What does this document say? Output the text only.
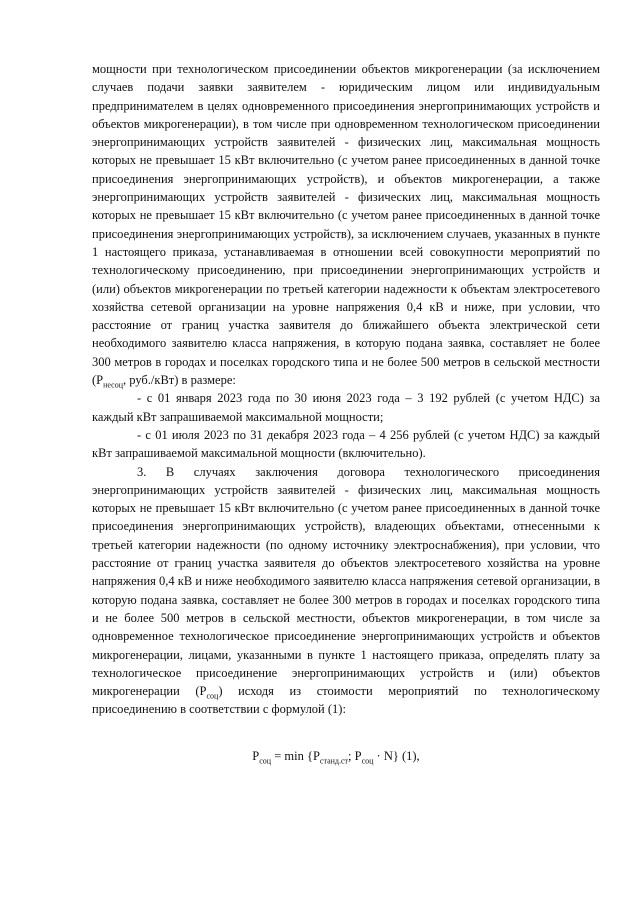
мощности при технологическом присоединении объектов микрогенерации (за исключением случаев подачи заявки заявителем - юридическим лицом или индивидуальным предпринимателем в целях одновременного присоединения энергопринимающих устройств и объектов микрогенерации), в том числе при одновременном технологическом присоединении энергопринимающих устройств заявителей - физических лиц, максимальная мощность которых не превышает 15 кВт включительно (с учетом ранее присоединенных в данной точке присоединения энергопринимающих устройств), и объектов микрогенерации, а также энергопринимающих устройств заявителей - физических лиц, максимальная мощность которых не превышает 15 кВт включительно (с учетом ранее присоединенных в данной точке присоединения энергопринимающих устройств), за исключением случаев, указанных в пункте 1 настоящего приказа, устанавливаемая в отношении всей совокупности мероприятий по технологическому присоединению, при присоединении энергопринимающих устройств и (или) объектов микрогенерации по третьей категории надежности к объектам электросетевого хозяйства сетевой организации на уровне напряжения 0,4 кВ и ниже, при условии, что расстояние от границ участка заявителя до ближайшего объекта электрической сети необходимого заявителю класса напряжения, в которую подана заявка, составляет не более 300 метров в городах и поселках городского типа и не более 500 метров в сельской местности ($P_{несоц}$, руб./кВт) в размере:

- с 01 января 2023 года по 30 июня 2023 года – 3 192 рублей (с учетом НДС) за каждый кВт запрашиваемой максимальной мощности;

- с 01 июля 2023 по 31 декабря 2023 года – 4 256 рублей (с учетом НДС) за каждый кВт запрашиваемой максимальной мощности (включительно).

3. В случаях заключения договора технологического присоединения энергопринимающих устройств заявителей - физических лиц, максимальная мощность которых не превышает 15 кВт включительно (с учетом ранее присоединенных в данной точке присоединения энергопринимающих устройств), владеющих объектами, отнесенными к третьей категории надежности (по одному источнику электроснабжения), при условии, что расстояние от границ участка заявителя до объектов электросетевого хозяйства на уровне напряжения 0,4 кВ и ниже необходимого заявителю класса напряжения сетевой организации, в которую подана заявка, составляет не более 300 метров в городах и поселках городского типа и не более 500 метров в сельской местности, объектов микрогенерации, в том числе за одновременное технологическое присоединение энергопринимающих устройств и объектов микрогенерации, лицами, указанными в пункте 1 настоящего приказа, определять плату за технологическое присоединение энергопринимающих устройств и (или) объектов микрогенерации $(P_{соц})$ исходя из стоимости мероприятий по технологическому присоединению в соответствии с формулой (1):

$P_{соц} = \min \{P_{станд.ст}$; $P_{соц} \cdot N$} (1),
